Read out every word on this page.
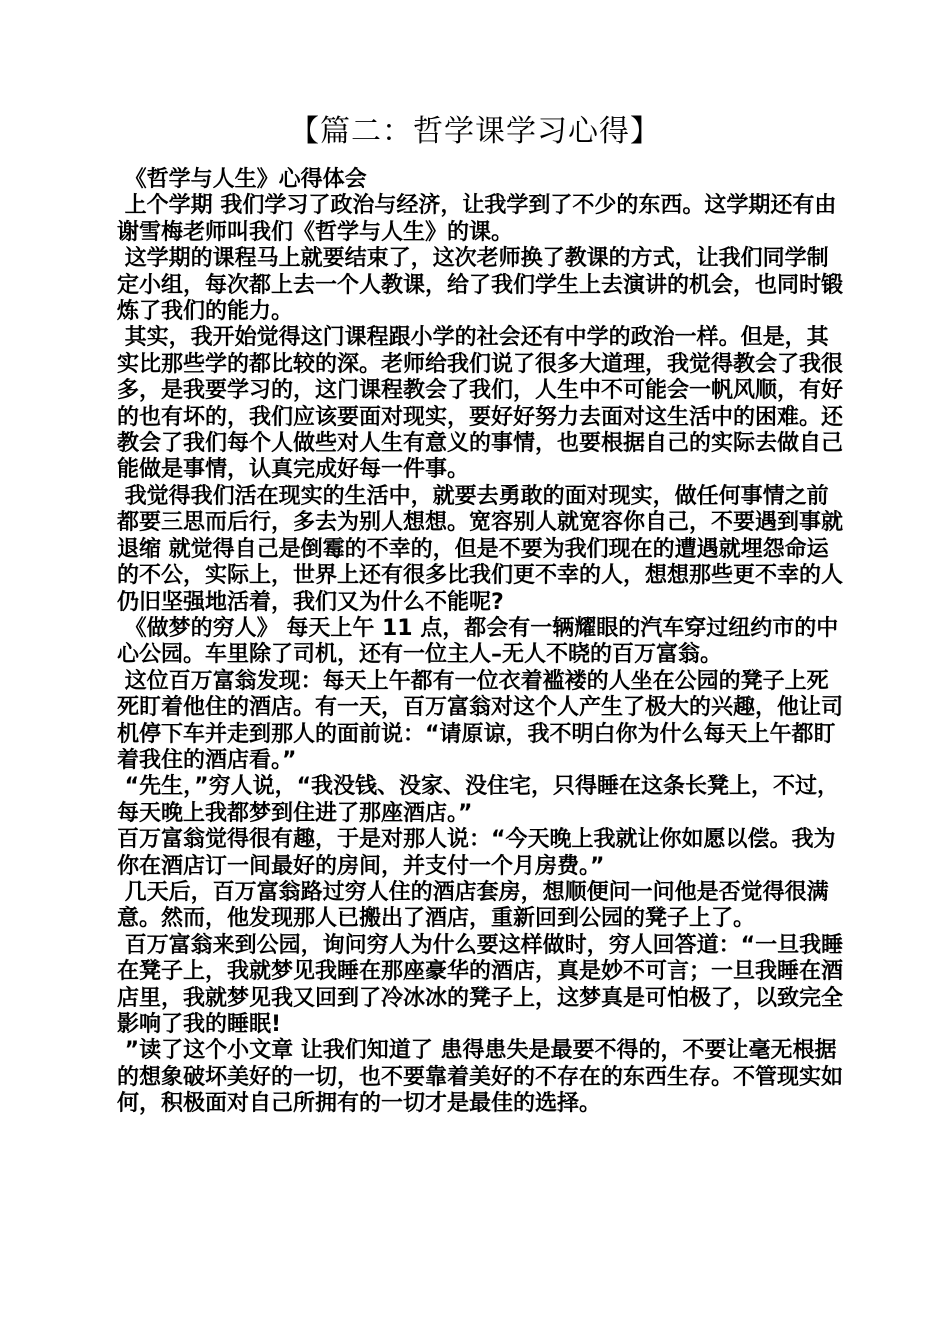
【篇二：哲学课学习心得】

《哲学与人生》心得体会

上个学期 我们学习了政治与经济，让我学到了不少的东西。这学期还有由谢雪梅老师叫我们《哲学与人生》的课。

这学期的课程马上就要结束了，这次老师换了教课的方式，让我们同学制定小组，每次都上去一个人教课，给了我们学生上去演讲的机会，也同时锻炼了我们的能力。

其实，我开始觉得这门课程跟小学的社会还有中学的政治一样。但是，其实比那些学的都比较的深。老师给我们说了很多大道理，我觉得教会了我很多，是我要学习的，这门课程教会了我们，人生中不可能会一帆风顺，有好的也有坏的，我们应该要面对现实，要好好努力去面对这生活中的困难。还教会了我们每个人做些对人生有意义的事情，也要根据自己的实际去做自己能做是事情，认真完成好每一件事。

我觉得我们活在现实的生活中，就要去勇敢的面对现实，做任何事情之前都要三思而后行，多去为别人想想。宽容别人就宽容你自己，不要遇到事就退缩 就觉得自己是倒霉的不幸的，但是不要为我们现在的遭遇就埋怨命运的不公，实际上，世界上还有很多比我们更不幸的人，想想那些更不幸的人仍旧坚强地活着，我们又为什么不能呢?

《做梦的穷人》 每天上午 11 点，都会有一辆耀眼的汽车穿过纽约市的中心公园。车里除了司机，还有一位主人–无人不晓的百万富翁。

这位百万富翁发现：每天上午都有一位衣着褴褛的人坐在公园的凳子上死死盯着他住的酒店。有一天，百万富翁对这个人产生了极大的兴趣，他让司机停下车并走到那人的面前说：“请原谅，我不明白你为什么每天上午都盯着我住的酒店看。”

“先生，”穷人说，“我没钱、没家、没住宅，只得睡在这条长凳上，不过，每天晚上我都梦到住进了那座酒店。”

百万富翁觉得很有趣，于是对那人说：“今天晚上我就让你如愿以偿。我为你在酒店订一间最好的房间，并支付一个月房费。”

几天后，百万富翁路过穷人住的酒店套房，想顺便问一问他是否觉得很满意。然而，他发现那人已搬出了酒店，重新回到公园的凳子上了。

百万富翁来到公园，询问穷人为什么要这样做时，穷人回答道：“一旦我睡在凳子上，我就梦见我睡在那座豪华的酒店，真是妙不可言；一旦我睡在酒店里，我就梦见我又回到了冷冰冰的凳子上，这梦真是可怕极了，以致完全影响了我的睡眠!

”读了这个小文章 让我们知道了 患得患失是最要不得的，不要让毫无根据的想象破坏美好的一切，也不要靠着美好的不存在的东西生存。不管现实如何，积极面对自己所拥有的一切才是最佳的选择。
